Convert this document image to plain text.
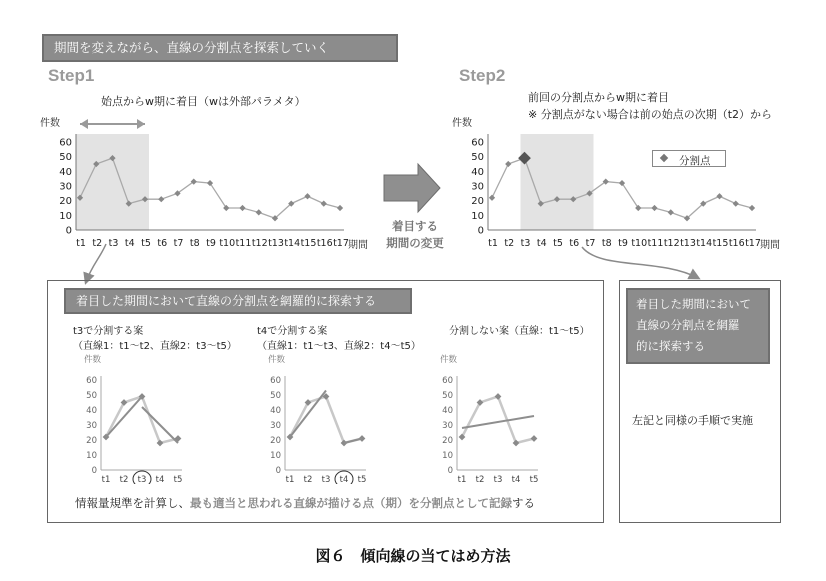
期間を変えながら、直線の分割点を探索していく
Step1	Step2
始点からw期に着目（wは外部パラメタ）	前回の分割点からw期に着目
※ 分割点がない場合は前の始点の次期（t2）から
0
10
20
30
40
50
60
件数
t1 t2 t3 t4 t5 t6 t7 t8 t9 t10 t11 t12 t13 t14 t15 t16 t17 期間
0
10
20
30
40
50
60
件数
t1 t2 t3 t4 t5 t6 t7 t8 t9 t10 t11 t12 t13 t14 t15 t16 t17 期間
分割点
着目する
期間の変更
着目した期間において直線の分割点を網羅的に探索する
t3で分割する案
（直線1：t1〜t2、直線2：t3〜t5）
t4で分割する案
（直線1：t1〜t3、直線2：t4〜t5）
分割しない案（直線：t1〜t5）
件数
0
10
20
30
40
50
60
t1 t2 t3 t4 t5
件数
0
10
20
30
40
50
60
t1 t2 t3 t4 t5
件数
0
10
20
30
40
50
60
t1 t2 t3 t4 t5
情報量規準を計算し、最も適当と思われる直線が描ける点（期）を分割点として記録する
着目した期間において
直線の分割点を網羅
的に探索する
左記と同様の手順で実施
図６　傾向線の当てはめ方法
